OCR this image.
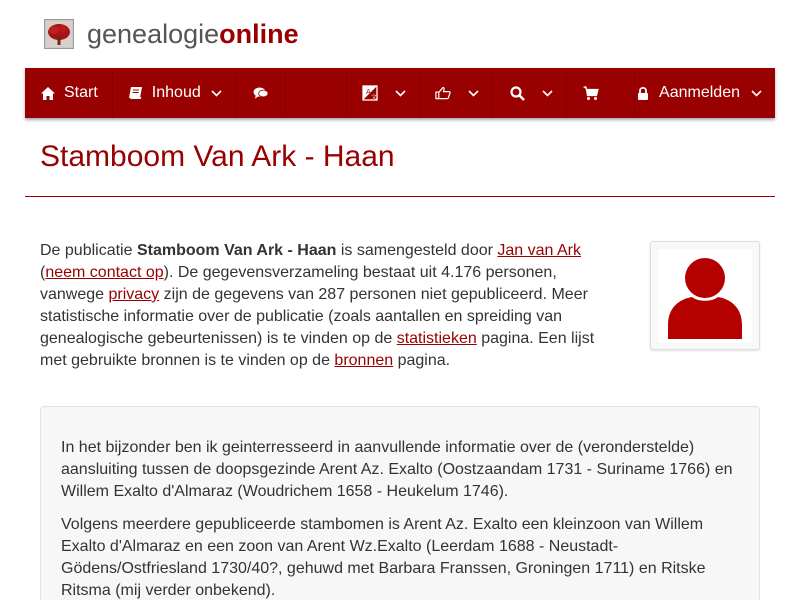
genealogieonline
Start	Inhoud	A
文	Aanmelden
Stamboom Van Ark - Haan

De publicatie Stamboom Van Ark - Haan is samengesteld door Jan van Ark
(neem contact op). De gegevensverzameling bestaat uit 4.176 personen, vanwege privacy zijn de gegevens van 287 personen niet gepubliceerd. Meer statistische informatie over de publicatie (zoals aantallen en spreiding van genealogische gebeurtenissen) is te vinden op de statistieken pagina. Een lijst met gebruikte bronnen is te vinden op de bronnen pagina.

In het bijzonder ben ik geinterresseerd in aanvullende informatie over de (veronderstelde) aansluiting tussen de doopsgezinde Arent Az. Exalto (Oostzaandam 1731 - Suriname 1766) en Willem Exalto d'Almaraz (Woudrichem 1658 - Heukelum 1746).

Volgens meerdere gepubliceerde stambomen is Arent Az. Exalto een kleinzoon van Willem Exalto d'Almaraz en een zoon van Arent Wz.Exalto (Leerdam 1688 - Neustadt-Gödens/Ostfriesland 1730/40?, gehuwd met Barbara Franssen, Groningen 1711) en Ritske Ritsma (mij verder onbekend).
